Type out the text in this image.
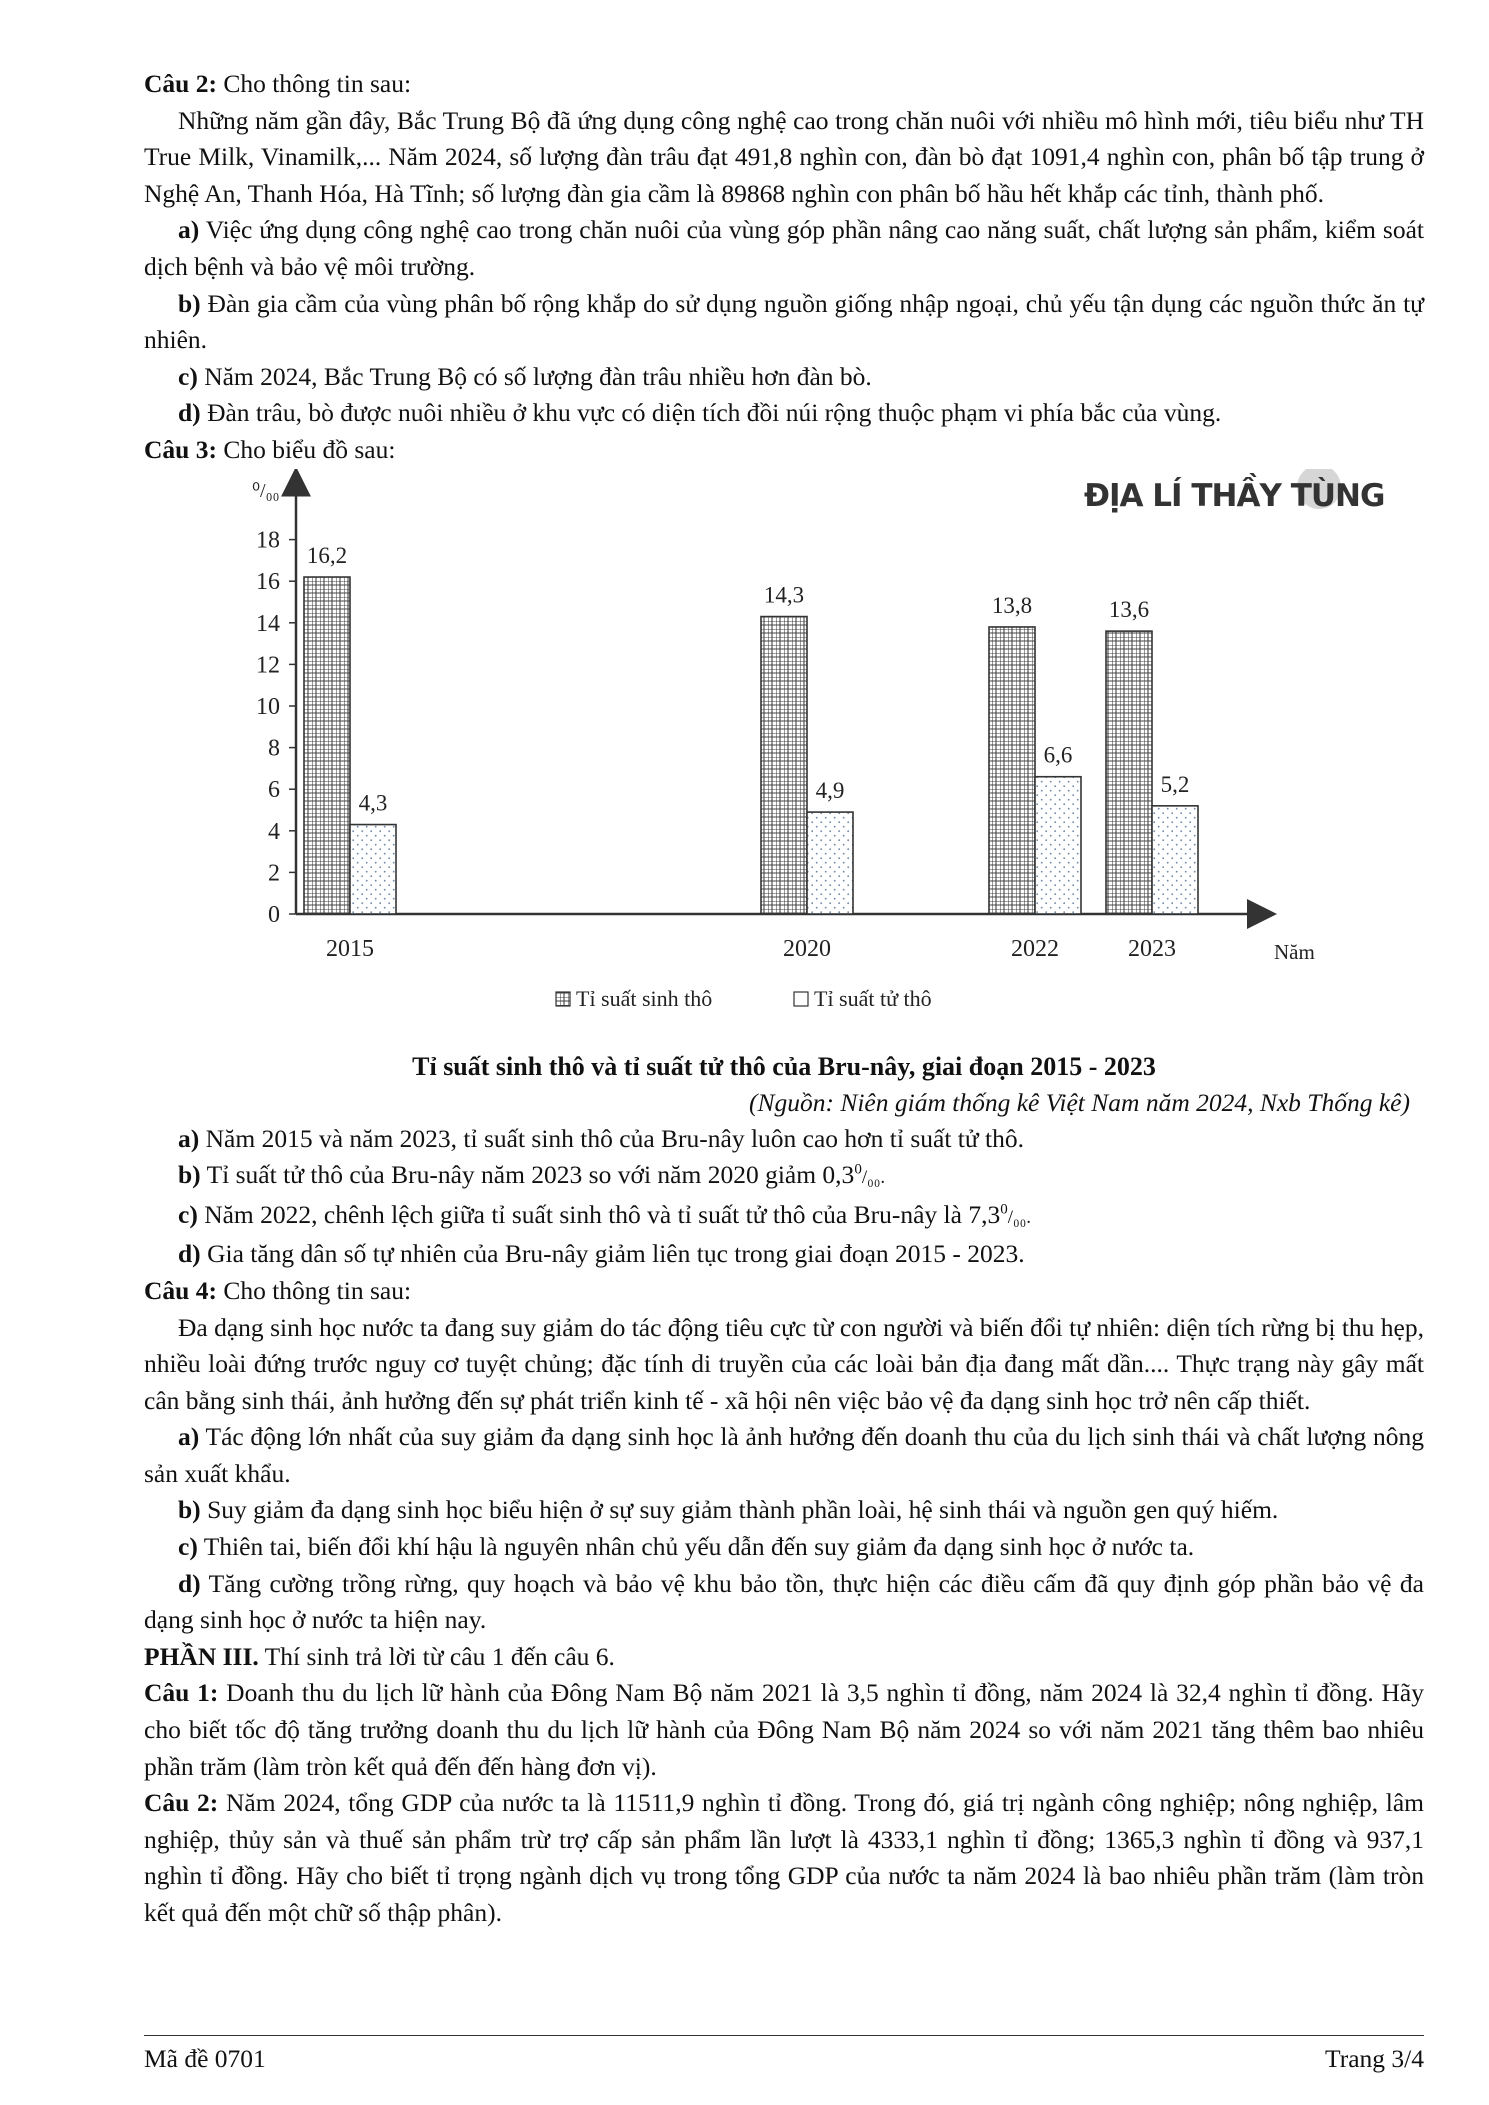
Câu 2: Cho thông tin sau:

Những năm gần đây, Bắc Trung Bộ đã ứng dụng công nghệ cao trong chăn nuôi với nhiều mô hình mới, tiêu biểu như TH True Milk, Vinamilk,... Năm 2024, số lượng đàn trâu đạt 491,8 nghìn con, đàn bò đạt 1091,4 nghìn con, phân bố tập trung ở Nghệ An, Thanh Hóa, Hà Tĩnh; số lượng đàn gia cầm là 89868 nghìn con phân bố hầu hết khắp các tỉnh, thành phố.

a) Việc ứng dụng công nghệ cao trong chăn nuôi của vùng góp phần nâng cao năng suất, chất lượng sản phẩm, kiểm soát dịch bệnh và bảo vệ môi trường.

b) Đàn gia cầm của vùng phân bố rộng khắp do sử dụng nguồn giống nhập ngoại, chủ yếu tận dụng các nguồn thức ăn tự nhiên.

c) Năm 2024, Bắc Trung Bộ có số lượng đàn trâu nhiều hơn đàn bò.

d) Đàn trâu, bò được nuôi nhiều ở khu vực có diện tích đồi núi rộng thuộc phạm vi phía bắc của vùng.

Câu 3: Cho biểu đồ sau:

⁰/₀₀
0
2
4
6
8
10
12
14
16
18
16,2
4,3
2015
14,3
4,9
2020
13,8
6,6
2022
13,6
5,2
2023	Năm
Tỉ suất sinh thô	Tỉ suất tử thô
ĐỊA LÍ THẦY TÙNG

Tỉ suất sinh thô và tỉ suất tử thô của Bru-nây, giai đoạn 2015 - 2023

(Nguồn: Niên giám thống kê Việt Nam năm 2024, Nxb Thống kê)

a) Năm 2015 và năm 2023, tỉ suất sinh thô của Bru-nây luôn cao hơn tỉ suất tử thô.

b) Tỉ suất tử thô của Bru-nây năm 2023 so với năm 2020 giảm $0,3^0/_{00}$.

c) Năm 2022, chênh lệch giữa tỉ suất sinh thô và tỉ suất tử thô của Bru-nây là $7,3^0/_{00}$.

d) Gia tăng dân số tự nhiên của Bru-nây giảm liên tục trong giai đoạn 2015 - 2023.

Câu 4: Cho thông tin sau:

Đa dạng sinh học nước ta đang suy giảm do tác động tiêu cực từ con người và biến đổi tự nhiên: diện tích rừng bị thu hẹp, nhiều loài đứng trước nguy cơ tuyệt chủng; đặc tính di truyền của các loài bản địa đang mất dần.... Thực trạng này gây mất cân bằng sinh thái, ảnh hưởng đến sự phát triển kinh tế - xã hội nên việc bảo vệ đa dạng sinh học trở nên cấp thiết.

a) Tác động lớn nhất của suy giảm đa dạng sinh học là ảnh hưởng đến doanh thu của du lịch sinh thái và chất lượng nông sản xuất khẩu.

b) Suy giảm đa dạng sinh học biểu hiện ở sự suy giảm thành phần loài, hệ sinh thái và nguồn gen quý hiếm.

c) Thiên tai, biến đổi khí hậu là nguyên nhân chủ yếu dẫn đến suy giảm đa dạng sinh học ở nước ta.

d) Tăng cường trồng rừng, quy hoạch và bảo vệ khu bảo tồn, thực hiện các điều cấm đã quy định góp phần bảo vệ đa dạng sinh học ở nước ta hiện nay.

PHẦN III. Thí sinh trả lời từ câu 1 đến câu 6.

Câu 1: Doanh thu du lịch lữ hành của Đông Nam Bộ năm 2021 là 3,5 nghìn tỉ đồng, năm 2024 là 32,4 nghìn tỉ đồng. Hãy cho biết tốc độ tăng trưởng doanh thu du lịch lữ hành của Đông Nam Bộ năm 2024 so với năm 2021 tăng thêm bao nhiêu phần trăm (làm tròn kết quả đến đến hàng đơn vị).

Câu 2: Năm 2024, tổng GDP của nước ta là 11511,9 nghìn tỉ đồng. Trong đó, giá trị ngành công nghiệp; nông nghiệp, lâm nghiệp, thủy sản và thuế sản phẩm trừ trợ cấp sản phẩm lần lượt là 4333,1 nghìn tỉ đồng; 1365,3 nghìn tỉ đồng và 937,1 nghìn tỉ đồng. Hãy cho biết tỉ trọng ngành dịch vụ trong tổng GDP của nước ta năm 2024 là bao nhiêu phần trăm (làm tròn kết quả đến một chữ số thập phân).

Mã đề 0701	Trang 3/4
